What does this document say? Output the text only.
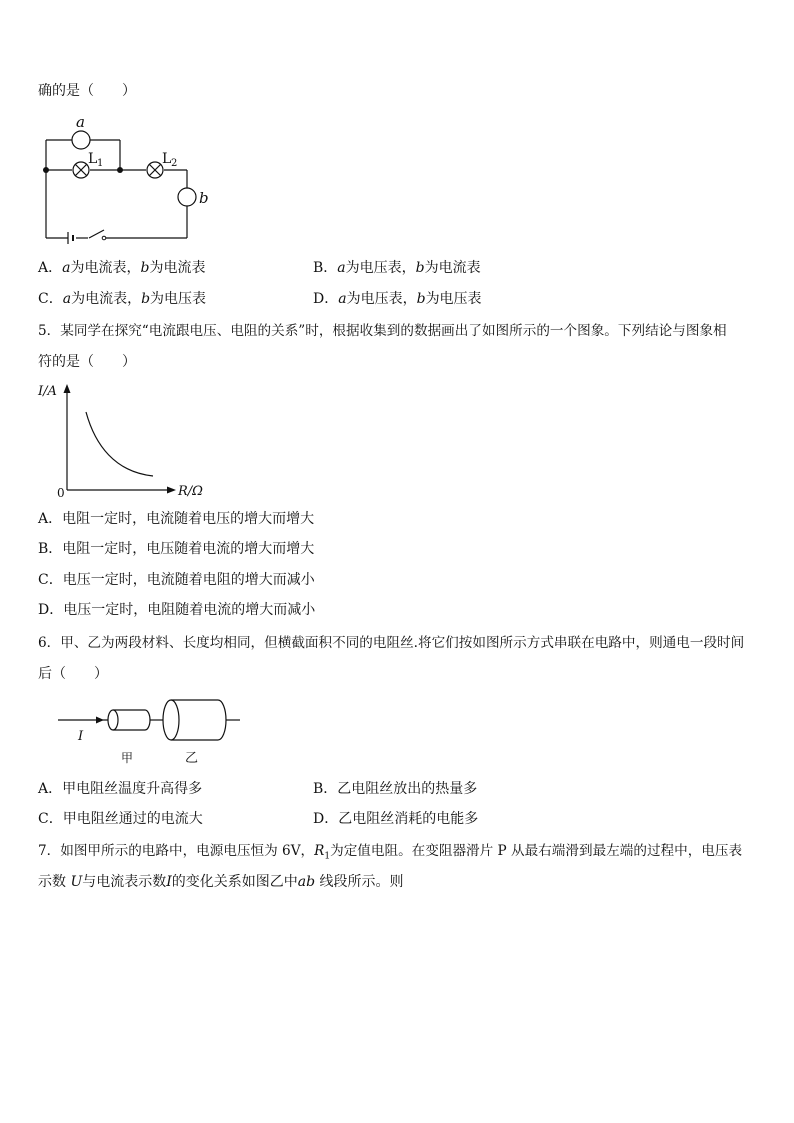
确的是（　　）
a
b
L 1	L 2
A．a为电流表，b为电流表	B．a为电压表，b为电流表
C．a为电流表，b为电压表	D．a为电压表，b为电压表
5．某同学在探究“电流跟电压、电阻的关系”时，根据收集到的数据画出了如图所示的一个图象。下列结论与图象相
符的是（　　）
I/A
R/Ω
0
A．电阻一定时，电流随着电压的增大而增大
B．电阻一定时，电压随着电流的增大而增大
C．电压一定时，电流随着电阻的增大而减小
D．电压一定时，电阻随着电流的增大而减小
6．甲、乙为两段材料、长度均相同，但横截面积不同的电阻丝.将它们按如图所示方式串联在电路中，则通电一段时间
后（　　）
I
甲	乙
A．甲电阻丝温度升高得多	B．乙电阻丝放出的热量多
C．甲电阻丝通过的电流大	D．乙电阻丝消耗的电能多
7．如图甲所示的电路中，电源电压恒为 6V，$R_1$为定值电阻。在变阻器滑片 P 从最右端滑到最左端的过程中，电压表
示数 U与电流表示数I的变化关系如图乙中ab 线段所示。则
